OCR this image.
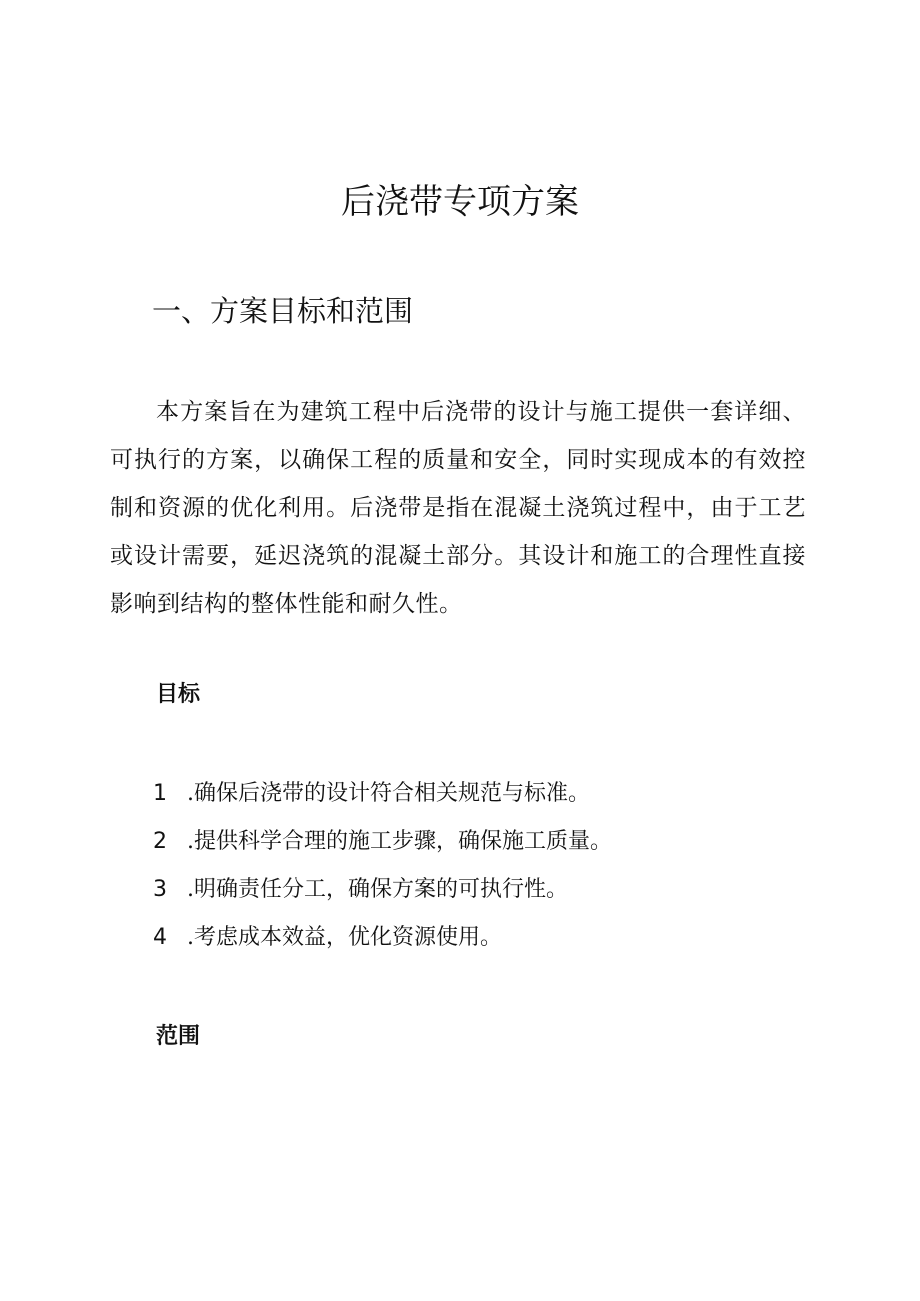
后浇带专项方案
一、方案目标和范围

本方案旨在为建筑工程中后浇带的设计与施工提供一套详细、可执行的方案，以确保工程的质量和安全，同时实现成本的有效控制和资源的优化利用。后浇带是指在混凝土浇筑过程中，由于工艺或设计需要，延迟浇筑的混凝土部分。其设计和施工的合理性直接影响到结构的整体性能和耐久性。

目标
1 .确保后浇带的设计符合相关规范与标准。
2 .提供科学合理的施工步骤，确保施工质量。
3 .明确责任分工，确保方案的可执行性。
4 .考虑成本效益，优化资源使用。
范围
